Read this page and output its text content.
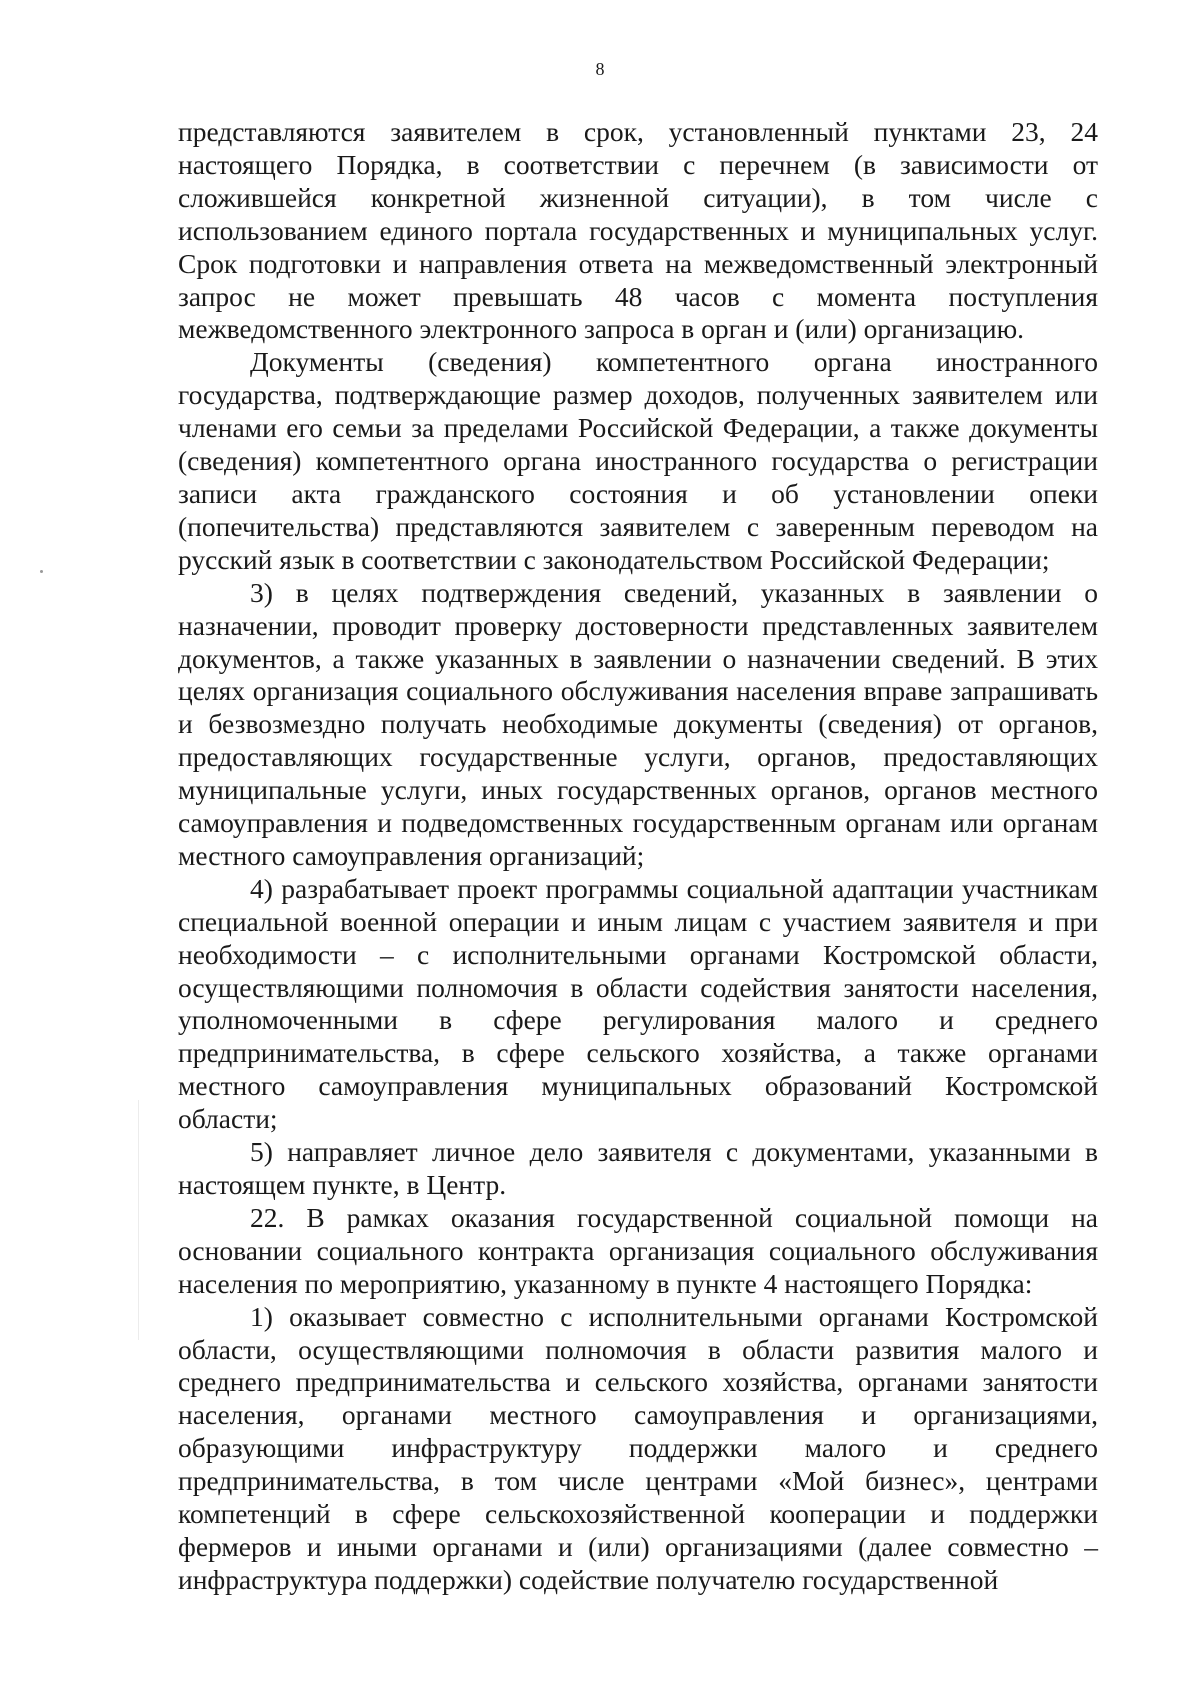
8

представляются заявителем в срок, установленный пунктами 23, 24 настоящего Порядка, в соответствии с перечнем (в зависимости от сложившейся конкретной жизненной ситуации), в том числе с использованием единого портала государственных и муниципальных услуг. Срок подготовки и направления ответа на межведомственный электронный запрос не может превышать 48 часов с момента поступления межведомственного электронного запроса в орган и (или) организацию.

Документы (сведения) компетентного органа иностранного государства, подтверждающие размер доходов, полученных заявителем или членами его семьи за пределами Российской Федерации, а также документы (сведения) компетентного органа иностранного государства о регистрации записи акта гражданского состояния и об установлении опеки (попечительства) представляются заявителем с заверенным переводом на русский язык в соответствии с законодательством Российской Федерации;

3) в целях подтверждения сведений, указанных в заявлении о назначении, проводит проверку достоверности представленных заявителем документов, а также указанных в заявлении о назначении сведений. В этих целях организация социального обслуживания населения вправе запрашивать и безвозмездно получать необходимые документы (сведения) от органов, предоставляющих государственные услуги, органов, предоставляющих муниципальные услуги, иных государственных органов, органов местного самоуправления и подведомственных государственным органам или органам местного самоуправления организаций;

4) разрабатывает проект программы социальной адаптации участникам специальной военной операции и иным лицам с участием заявителя и при необходимости – с исполнительными органами Костромской области, осуществляющими полномочия в области содействия занятости населения, уполномоченными в сфере регулирования малого и среднего предпринимательства, в сфере сельского хозяйства, а также органами местного самоуправления муниципальных образований Костромской области;

5) направляет личное дело заявителя с документами, указанными в настоящем пункте, в Центр.

22. В рамках оказания государственной социальной помощи на основании социального контракта организация социального обслуживания населения по мероприятию, указанному в пункте 4 настоящего Порядка:

1) оказывает совместно с исполнительными органами Костромской области, осуществляющими полномочия в области развития малого и среднего предпринимательства и сельского хозяйства, органами занятости населения, органами местного самоуправления и организациями, образующими инфраструктуру поддержки малого и среднего предпринимательства, в том числе центрами «Мой бизнес», центрами компетенций в сфере сельскохозяйственной кооперации и поддержки фермеров и иными органами и (или) организациями (далее совместно – инфраструктура поддержки) содействие получателю государственной
